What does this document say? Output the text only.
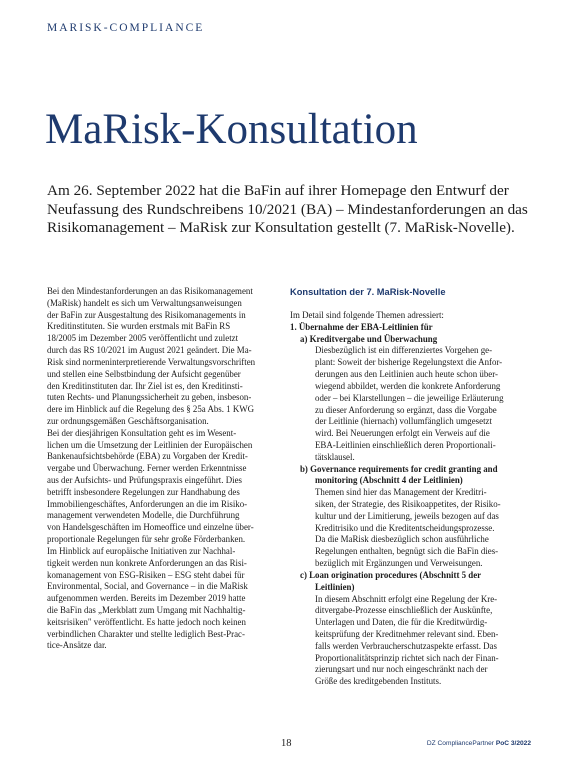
MARISK-COMPLIANCE
MaRisk-Konsultation
Am 26. September 2022 hat die BaFin auf ihrer Homepage den Entwurf der
Neufassung des Rundschreibens 10/2021 (BA) – Mindestanforderungen an das
Risikomanagement – MaRisk zur Konsultation gestellt (7. MaRisk-Novelle).
Bei den Mindestanforderungen an das Risikomanagement
(MaRisk) handelt es sich um Verwaltungsanweisungen
der BaFin zur Ausgestaltung des Risikomanagements in
Kreditinstituten. Sie wurden erstmals mit BaFin RS
18/2005 im Dezember 2005 veröffentlicht und zuletzt
durch das RS 10/2021 im August 2021 geändert. Die Ma-
Risk sind normeninterpretierende Verwaltungsvorschriften
und stellen eine Selbstbindung der Aufsicht gegenüber
den Kreditinstituten dar. Ihr Ziel ist es, den Kreditinsti-
tuten Rechts- und Planungssicherheit zu geben, insbeson-
dere im Hinblick auf die Regelung des § 25a Abs. 1 KWG
zur ordnungsgemäßen Geschäftsorganisation.
Bei der diesjährigen Konsultation geht es im Wesent-
lichen um die Umsetzung der Leitlinien der Europäischen
Bankenaufsichtsbehörde (EBA) zu Vorgaben der Kredit-
vergabe und Überwachung. Ferner werden Erkenntnisse
aus der Aufsichts- und Prüfungspraxis eingeführt. Dies
betrifft insbesondere Regelungen zur Handhabung des
Immobiliengeschäftes, Anforderungen an die im Risiko-
management verwendeten Modelle, die Durchführung
von Handelsgeschäften im Homeoffice und einzelne über-
proportionale Regelungen für sehr große Förderbanken.
Im Hinblick auf europäische Initiativen zur Nachhal-
tigkeit werden nun konkrete Anforderungen an das Risi-
komanagement von ESG-Risiken – ESG steht dabei für
Environmental, Social, and Governance – in die MaRisk
aufgenommen werden. Bereits im Dezember 2019 hatte
die BaFin das „Merkblatt zum Umgang mit Nachhaltig-
keitsrisiken" veröffentlicht. Es hatte jedoch noch keinen
verbindlichen Charakter und stellte lediglich Best-Prac-
tice-Ansätze dar.
Konsultation der 7. MaRisk-Novelle
Im Detail sind folgende Themen adressiert:
1. Übernahme der EBA-Leitlinien für
a) Kreditvergabe und Überwachung
Diesbezüglich ist ein differenziertes Vorgehen ge-
plant: Soweit der bisherige Regelungstext die Anfor-
derungen aus den Leitlinien auch heute schon über-
wiegend abbildet, werden die konkrete Anforderung
oder – bei Klarstellungen – die jeweilige Erläuterung
zu dieser Anforderung so ergänzt, dass die Vorgabe
der Leitlinie (hiernach) vollumfänglich umgesetzt
wird. Bei Neuerungen erfolgt ein Verweis auf die
EBA-Leitlinien einschließlich deren Proportionali-
tätsklausel.
b) Governance requirements for credit granting and
monitoring (Abschnitt 4 der Leitlinien)
Themen sind hier das Management der Kreditri-
siken, der Strategie, des Risikoappetites, der Risiko-
kultur und der Limitierung, jeweils bezogen auf das
Kreditrisiko und die Kreditentscheidungsprozesse.
Da die MaRisk diesbezüglich schon ausführliche
Regelungen enthalten, begnügt sich die BaFin dies-
bezüglich mit Ergänzungen und Verweisungen.
c) Loan origination procedures (Abschnitt 5 der
Leitlinien)
In diesem Abschnitt erfolgt eine Regelung der Kre-
ditvergabe-Prozesse einschließlich der Auskünfte,
Unterlagen und Daten, die für die Kreditwürdig-
keitsprüfung der Kreditnehmer relevant sind. Eben-
falls werden Verbraucherschutzaspekte erfasst. Das
Proportionalitätsprinzip richtet sich nach der Finan-
zierungsart und nur noch eingeschränkt nach der
Größe des kreditgebenden Instituts.
18	DZ CompliancePartner PoC 3/2022
